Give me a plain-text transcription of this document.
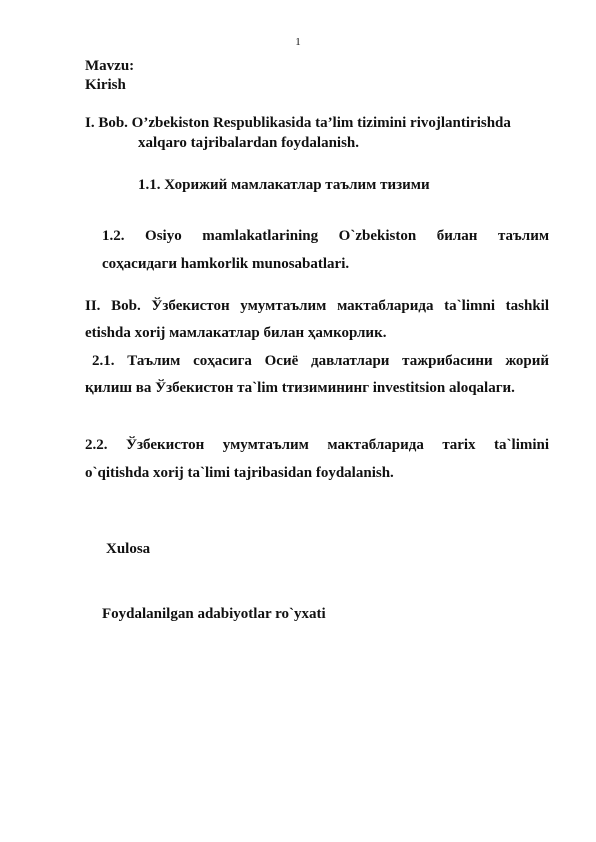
1
Mavzu:
Kirish
I. Bob. O’zbekiston Respublikasida ta’lim tizimini rivojlantirishda
xalqaro tajribalardan foydalanish.
1.1. Хорижий мамлакатлар таълим тизими
1.2. Osiyo mamlakatlarining O`zbekiston билан таълим
соҳасидаги hamkorlik munosabatlari.
II. Bob. Ўзбекистон умумтаълим мактабларида ta`limni tashkil
etishda xorij мамлакатлар билан ҳамкорлик.
2.1. Таълим соҳасига Осиё давлатлари тажрибасини жорий
қилиш ва Ўзбекистон та`lim tтизимининг investitsion aloqalaги.
2.2. Ўзбекистон умумтаълим мактабларида тarix ta`limini
o`qitishda xorij ta`limi tajribasidan foydalanish.
Xulosa
Foydalanilgan adabiyotlar ro`yxati
